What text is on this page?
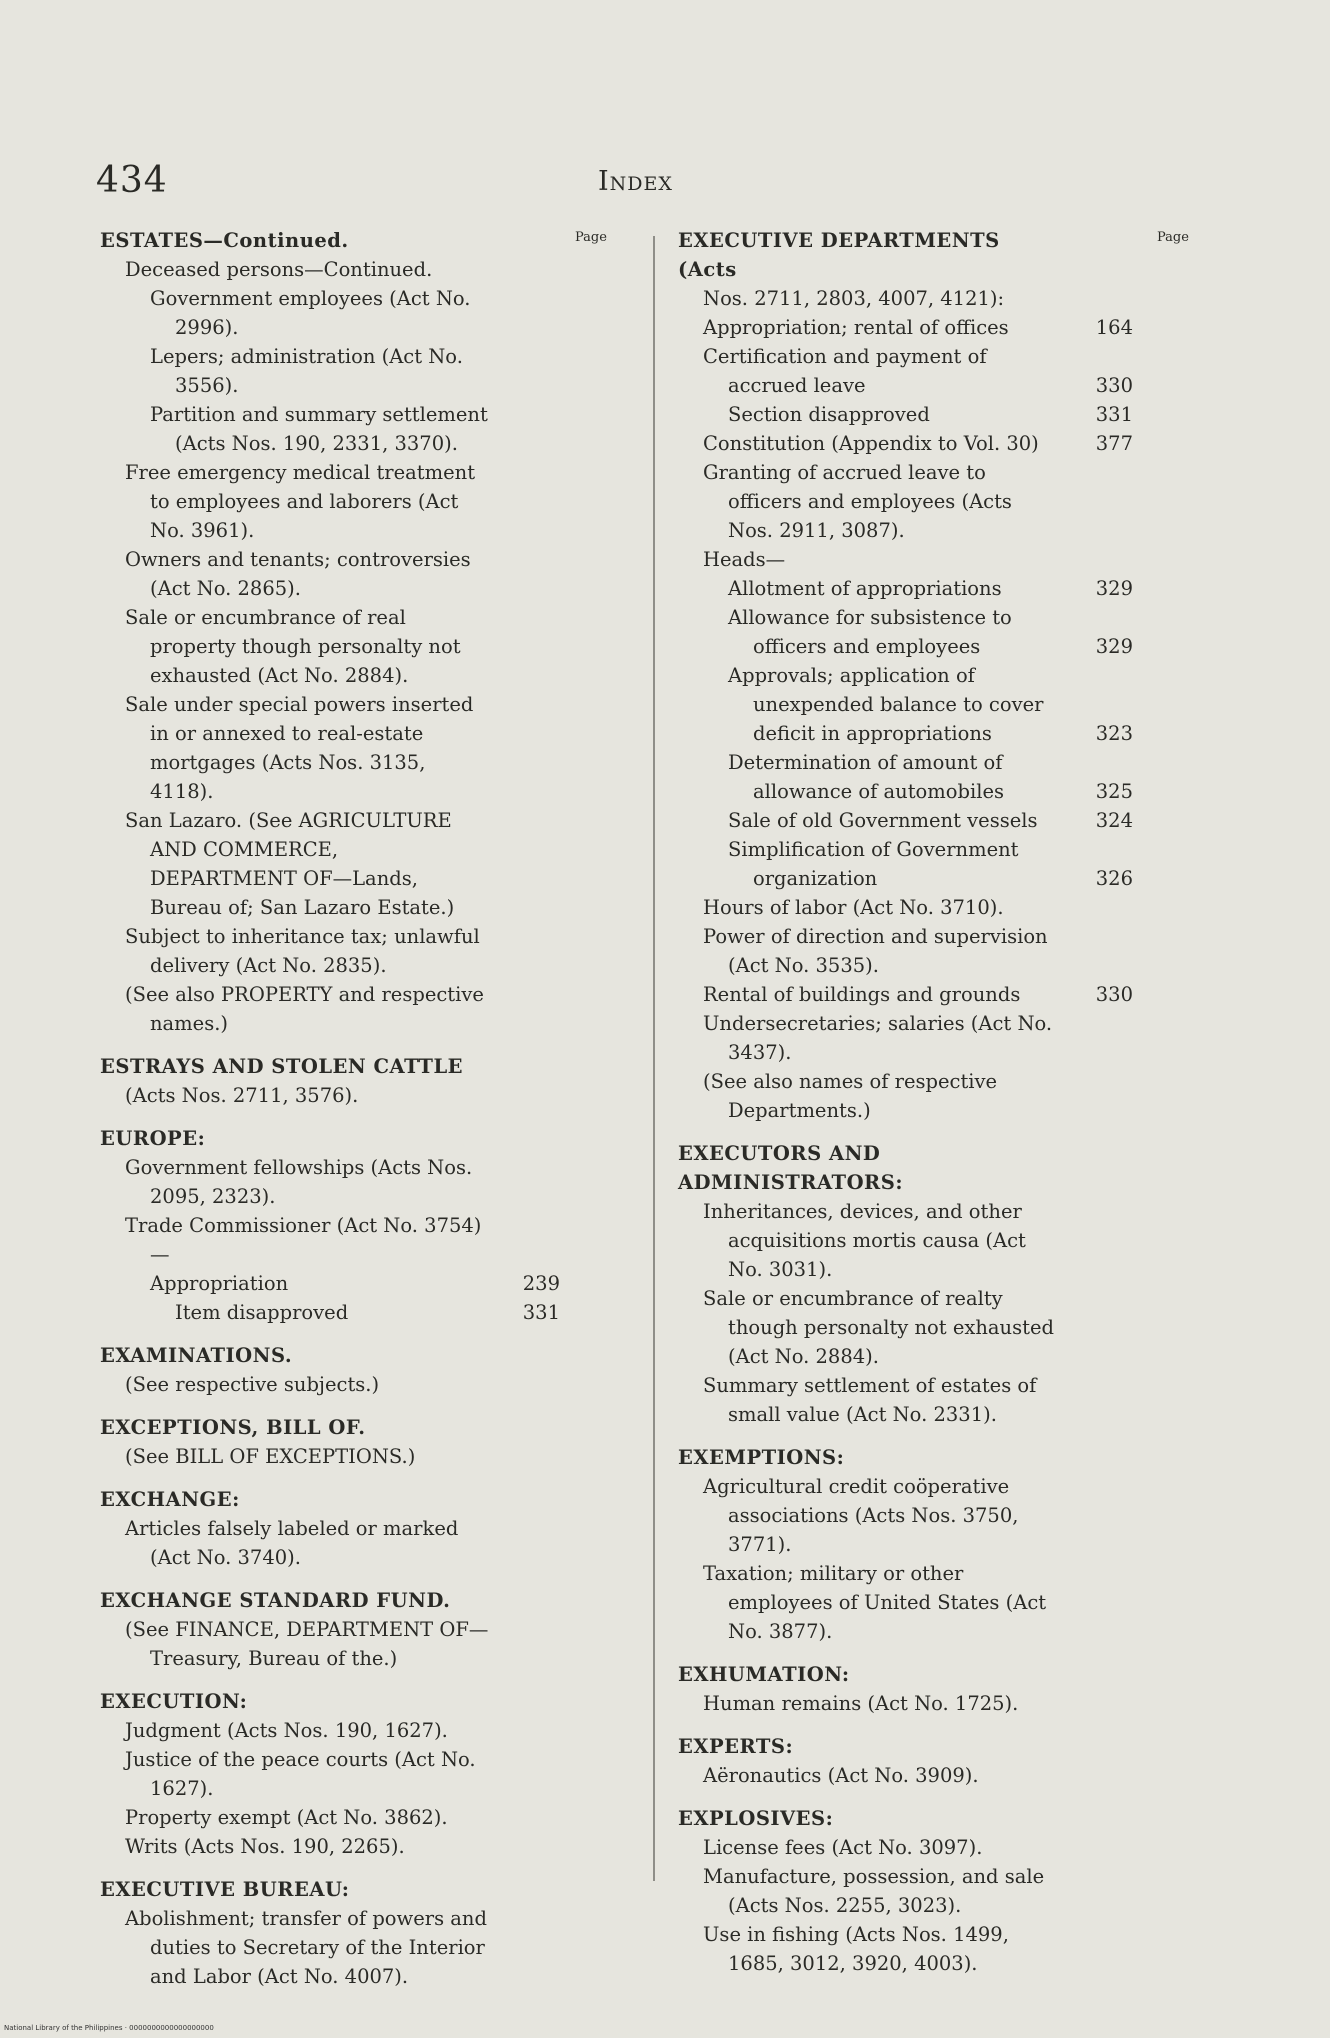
434	Index
Page	Page
ESTATES—Continued.
Deceased persons—Continued.
Government employees (Act No. 2996).
Lepers; administration (Act No. 3556).
Partition and summary settlement (Acts Nos. 190, 2331, 3370).
Free emergency medical treatment to employees and laborers (Act No. 3961).
Owners and tenants; controversies (Act No. 2865).
Sale or encumbrance of real property though personalty not exhausted (Act No. 2884).
Sale under special powers inserted in or annexed to real-estate mortgages (Acts Nos. 3135, 4118).
San Lazaro. (See AGRICULTURE AND COMMERCE, DEPARTMENT OF—Lands, Bureau of; San Lazaro Estate.)
Subject to inheritance tax; unlawful delivery (Act No. 2835).
(See also PROPERTY and respective names.)
ESTRAYS AND STOLEN CATTLE
(Acts Nos. 2711, 3576).
EUROPE:
Government fellowships (Acts Nos. 2095, 2323).
Trade Commissioner (Act No. 3754)—
Appropriation	239
Item disapproved	331
EXAMINATIONS.
(See respective subjects.)
EXCEPTIONS, BILL OF.
(See BILL OF EXCEPTIONS.)
EXCHANGE:
Articles falsely labeled or marked (Act No. 3740).
EXCHANGE STANDARD FUND.
(See FINANCE, DEPARTMENT OF—Treasury, Bureau of the.)
EXECUTION:
Judgment (Acts Nos. 190, 1627).
Justice of the peace courts (Act No. 1627).
Property exempt (Act No. 3862).
Writs (Acts Nos. 190, 2265).
EXECUTIVE BUREAU:
Abolishment; transfer of powers and duties to Secretary of the Interior and Labor (Act No. 4007).
EXECUTIVE DEPARTMENTS (Acts
Nos. 2711, 2803, 4007, 4121):
Appropriation; rental of offices	164
Certification and payment of accrued leave	330
Section disapproved	331
Constitution (Appendix to Vol. 30)	377
Granting of accrued leave to officers and employees (Acts Nos. 2911, 3087).
Heads—
Allotment of appropriations	329
Allowance for subsistence to officers and employees	329
Approvals; application of unexpended balance to cover deficit in appropriations	323
Determination of amount of allowance of automobiles	325
Sale of old Government vessels	324
Simplification of Government organization	326
Hours of labor (Act No. 3710).
Power of direction and supervision (Act No. 3535).
Rental of buildings and grounds	330
Undersecretaries; salaries (Act No. 3437).
(See also names of respective Departments.)
EXECUTORS AND ADMINISTRATORS:
Inheritances, devices, and other acquisitions mortis causa (Act No. 3031).
Sale or encumbrance of realty though personalty not exhausted (Act No. 2884).
Summary settlement of estates of small value (Act No. 2331).
EXEMPTIONS:
Agricultural credit coöperative associations (Acts Nos. 3750, 3771).
Taxation; military or other employees of United States (Act No. 3877).
EXHUMATION:
Human remains (Act No. 1725).
EXPERTS:
Aëronautics (Act No. 3909).
EXPLOSIVES:
License fees (Act No. 3097).
Manufacture, possession, and sale (Acts Nos. 2255, 3023).
Use in fishing (Acts Nos. 1499, 1685, 3012, 3920, 4003).
National Library of the Philippines · 0000000000000000000
